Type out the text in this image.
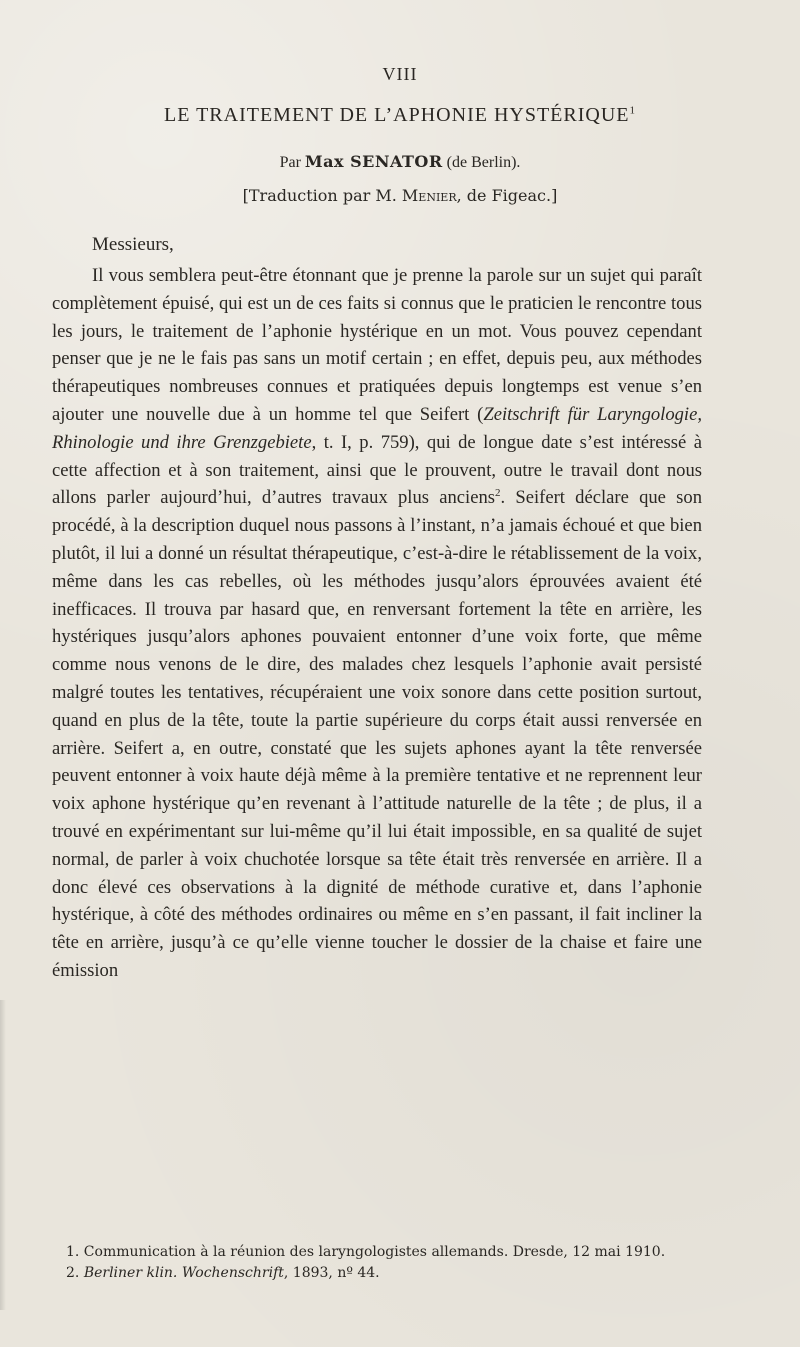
VIII
LE TRAITEMENT DE L’APHONIE HYSTÉRIQUE$^1$
Par Max SENATOR (de Berlin).
[Traduction par M. Menier, de Figeac.]
Messieurs,

Il vous semblera peut-être étonnant que je prenne la parole sur un sujet qui paraît complètement épuisé, qui est un de ces faits si connus que le praticien le rencontre tous les jours, le traitement de l’aphonie hystérique en un mot. Vous pouvez cependant penser que je ne le fais pas sans un motif certain ; en effet, depuis peu, aux méthodes thérapeutiques nombreuses connues et pratiquées depuis longtemps est venue s’en ajouter une nouvelle due à un homme tel que Seifert (Zeitschrift für Laryngologie, Rhinologie und ihre Grenzgebiete, t. I, p. 759), qui de longue date s’est intéressé à cette affection et à son traitement, ainsi que le prouvent, outre le travail dont nous allons parler aujourd’hui, d’autres travaux plus anciens$^2$. Seifert déclare que son procédé, à la description duquel nous passons à l’instant, n’a jamais échoué et que bien plutôt, il lui a donné un résultat thérapeutique, c’est-à-dire le rétablissement de la voix, même dans les cas rebelles, où les méthodes jusqu’alors éprouvées avaient été inefficaces. Il trouva par hasard que, en renversant fortement la tête en arrière, les hystériques jusqu’alors aphones pouvaient entonner d’une voix forte, que même comme nous venons de le dire, des malades chez lesquels l’aphonie avait persisté malgré toutes les tentatives, récupéraient une voix sonore dans cette position surtout, quand en plus de la tête, toute la partie supérieure du corps était aussi renversée en arrière. Seifert a, en outre, constaté que les sujets aphones ayant la tête renversée peuvent entonner à voix haute déjà même à la première tentative et ne reprennent leur voix aphone hystérique qu’en revenant à l’attitude naturelle de la tête ; de plus, il a trouvé en expérimentant sur lui-même qu’il lui était impossible, en sa qualité de sujet normal, de parler à voix chuchotée lorsque sa tête était très renversée en arrière. Il a donc élevé ces observations à la dignité de méthode curative et, dans l’aphonie hystérique, à côté des méthodes ordinaires ou même en s’en passant, il fait incliner la tête en arrière, jusqu’à ce qu’elle vienne toucher le dossier de la chaise et faire une émission

1. Communication à la réunion des laryngologistes allemands. Dresde, 12 mai 1910.

2. Berliner klin. Wochenschrift, 1893, nº 44.
